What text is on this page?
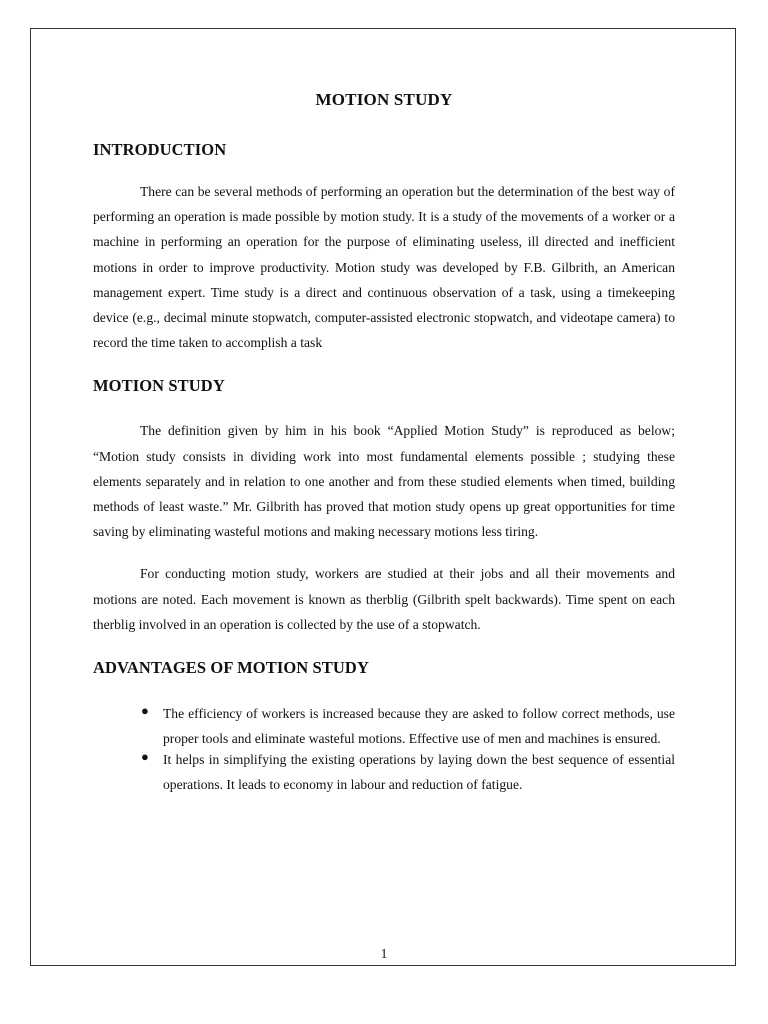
MOTION STUDY
INTRODUCTION

There can be several methods of performing an operation but the determination of the best way of performing an operation is made possible by motion study. It is a study of the movements of a worker or a machine in performing an operation for the purpose of eliminating useless, ill directed and inefficient motions in order to improve productivity. Motion study was developed by F.B. Gilbrith, an American management expert. Time study is a direct and continuous observation of a task, using a timekeeping device (e.g., decimal minute stopwatch, computer-assisted electronic stopwatch, and videotape camera) to record the time taken to accomplish a task

MOTION STUDY

The definition given by him in his book “Applied Motion Study” is reproduced as below; “Motion study consists in dividing work into most fundamental elements possible ; studying these elements separately and in relation to one another and from these studied elements when timed, building methods of least waste.” Mr. Gilbrith has proved that motion study opens up great opportunities for time saving by eliminating wasteful motions and making necessary motions less tiring.

For conducting motion study, workers are studied at their jobs and all their movements and motions are noted. Each movement is known as therblig (Gilbrith spelt backwards). Time spent on each therblig involved in an operation is collected by the use of a stopwatch.

ADVANTAGES OF MOTION STUDY
● The efficiency of workers is increased because they are asked to follow correct methods, use proper tools and eliminate wasteful motions. Effective use of men and machines is ensured.
● It helps in simplifying the existing operations by laying down the best sequence of essential operations. It leads to economy in labour and reduction of fatigue.
1
